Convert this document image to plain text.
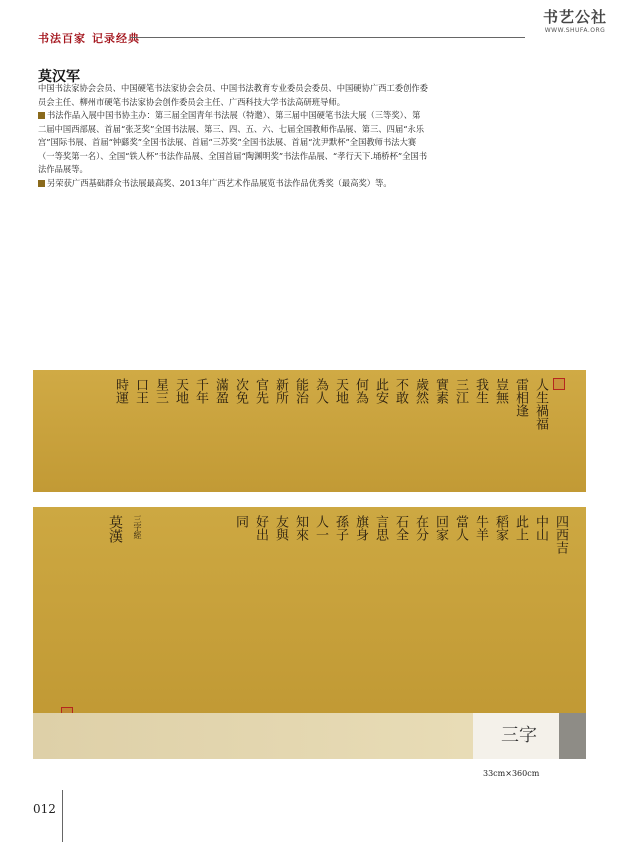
书法百家 记录经典
书艺公社
WWW.SHUFA.ORG
莫汉军

中国书法家协会会员、中国硬笔书法家协会会员、中国书法教育专业委员会委员、中国硬协广西工委创作委员会主任、柳州市硬笔书法家协会创作委员会主任、广西科技大学书法高研班导师。

书法作品入展中国书协主办：第三届全国青年书法展（特邀）、第三届中国硬笔书法大展（三等奖）、第二届中国西部展、首届“张芝奖”全国书法展、第三、四、五、六、七届全国教师作品展、第三、四届“永乐宫”国际书展、首届“钟繇奖”全国书法展、首届“三苏奖”全国书法展、首届“沈尹默杯”全国教师书法大赛（一等奖第一名）、全国“铁人杯”书法作品展、全国首届“陶渊明奖”书法作品展、“孝行天下.埇桥杯”全国书法作品展等。

另荣获广西基础群众书法展最高奖、2013年广西艺术作品展览书法作品优秀奖（最高奖）等。

人生禍福
雷相逢
豈無
我生
三江
實素
歲然
不敢
此安
何為
天地
為人
能治
新所
官先
次免
滿盈
千年
天地
星三
口王
時運
四西吉
中山
此上
稻家
牛羊
當人
回家
在分
石全
言思
旗身
孫子
人一
知來
友與
好出
同
三字經
莫漢
三字
33cm×360cm
012
